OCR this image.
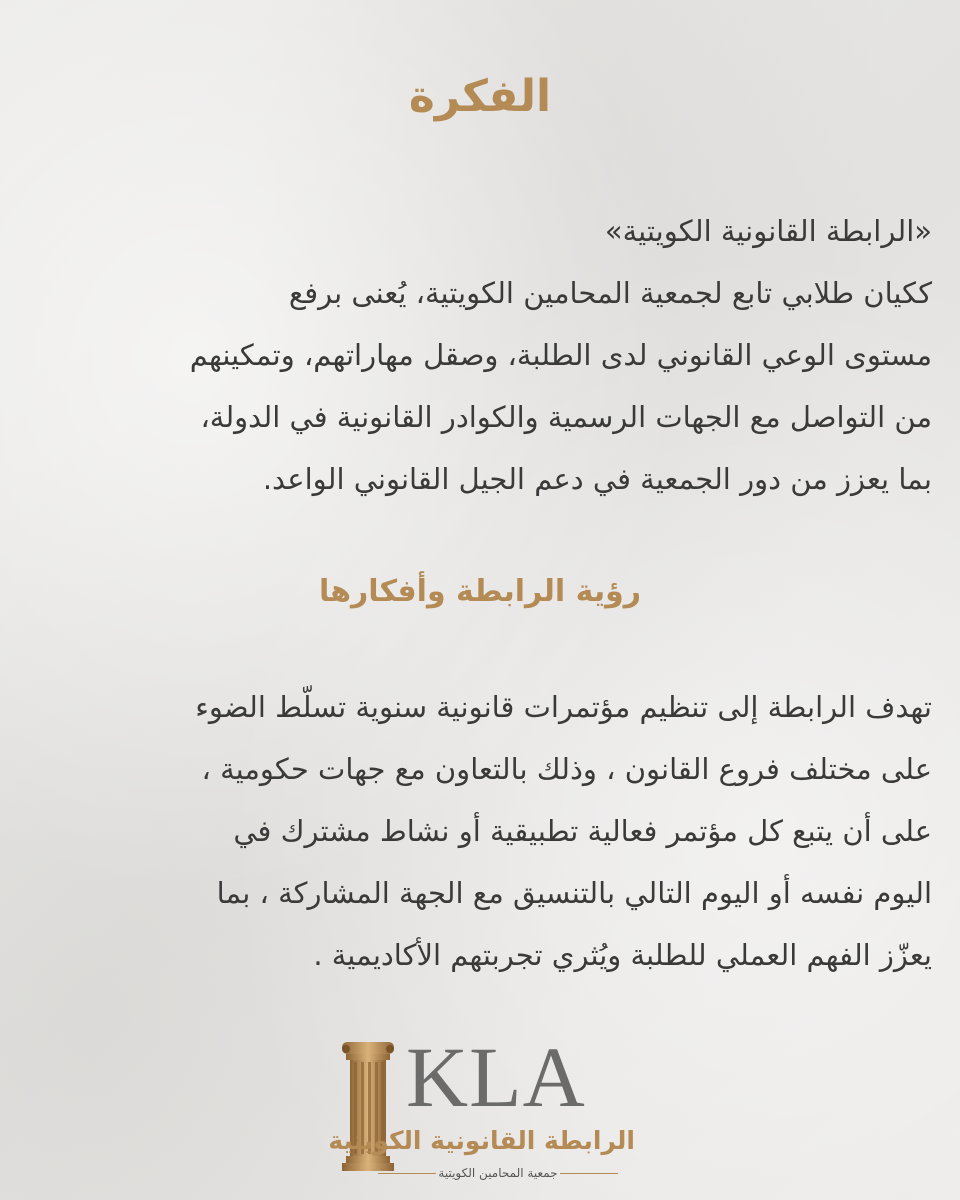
الفكرة
«الرابطة القانونية الكويتية»
ككيان طلابي تابع لجمعية المحامين الكويتية، يُعنى برفع
مستوى الوعي القانوني لدى الطلبة، وصقل مهاراتهم، وتمكينهم
من التواصل مع الجهات الرسمية والكوادر القانونية في الدولة،
بما يعزز من دور الجمعية في دعم الجيل القانوني الواعد.
رؤية الرابطة وأفكارها
تهدف الرابطة إلى تنظيم مؤتمرات قانونية سنوية تسلّط الضوء
على مختلف فروع القانون ، وذلك بالتعاون مع جهات حكومية ،
على أن يتبع كل مؤتمر فعالية تطبيقية أو نشاط مشترك في
اليوم نفسه أو اليوم التالي بالتنسيق مع الجهة المشاركة ، بما
يعزّز الفهم العملي للطلبة ويُثري تجربتهم الأكاديمية .
KLA
الرابطة القانونية الكويتية
جمعية المحامين الكويتية
